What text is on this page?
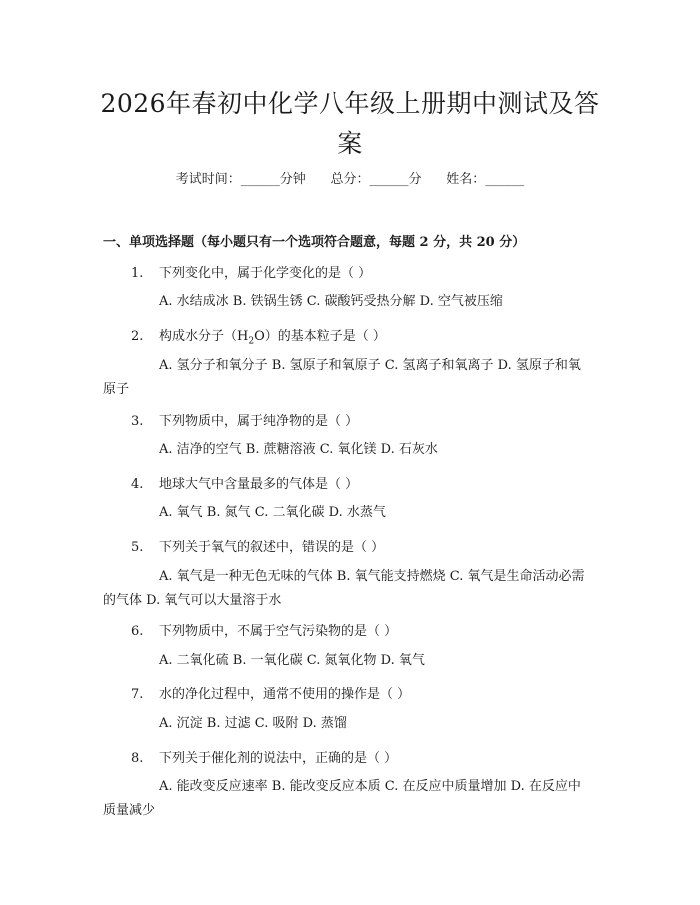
2026年春初中化学八年级上册期中测试及答案
考试时间：______分钟      总分：______分      姓名：______
一、单项选择题（每小题只有一个选项符合题意，每题 2 分，共 20 分）
1. 下列变化中，属于化学变化的是（ ）
A. 水结成冰 B. 铁锅生锈 C. 碳酸钙受热分解 D. 空气被压缩
2. 构成水分子$(H_2O)$的基本粒子是（ ）
A. 氢分子和氧分子 B. 氢原子和氧原子 C. 氢离子和氧离子 D. 氢原子和氧原子
3. 下列物质中，属于纯净物的是（ ）
A. 洁净的空气 B. 蔗糖溶液 C. 氧化镁 D. 石灰水
4. 地球大气中含量最多的气体是（ ）
A. 氧气 B. 氮气 C. 二氧化碳 D. 水蒸气
5. 下列关于氧气的叙述中，错误的是（ ）
A. 氧气是一种无色无味的气体 B. 氧气能支持燃烧 C. 氧气是生命活动必需的气体 D. 氧气可以大量溶于水
6. 下列物质中，不属于空气污染物的是（ ）
A. 二氧化硫 B. 一氧化碳 C. 氮氧化物 D. 氧气
7. 水的净化过程中，通常不使用的操作是（ ）
A. 沉淀 B. 过滤 C. 吸附 D. 蒸馏
8. 下列关于催化剂的说法中，正确的是（ ）
A. 能改变反应速率 B. 能改变反应本质 C. 在反应中质量增加 D. 在反应中质量减少
